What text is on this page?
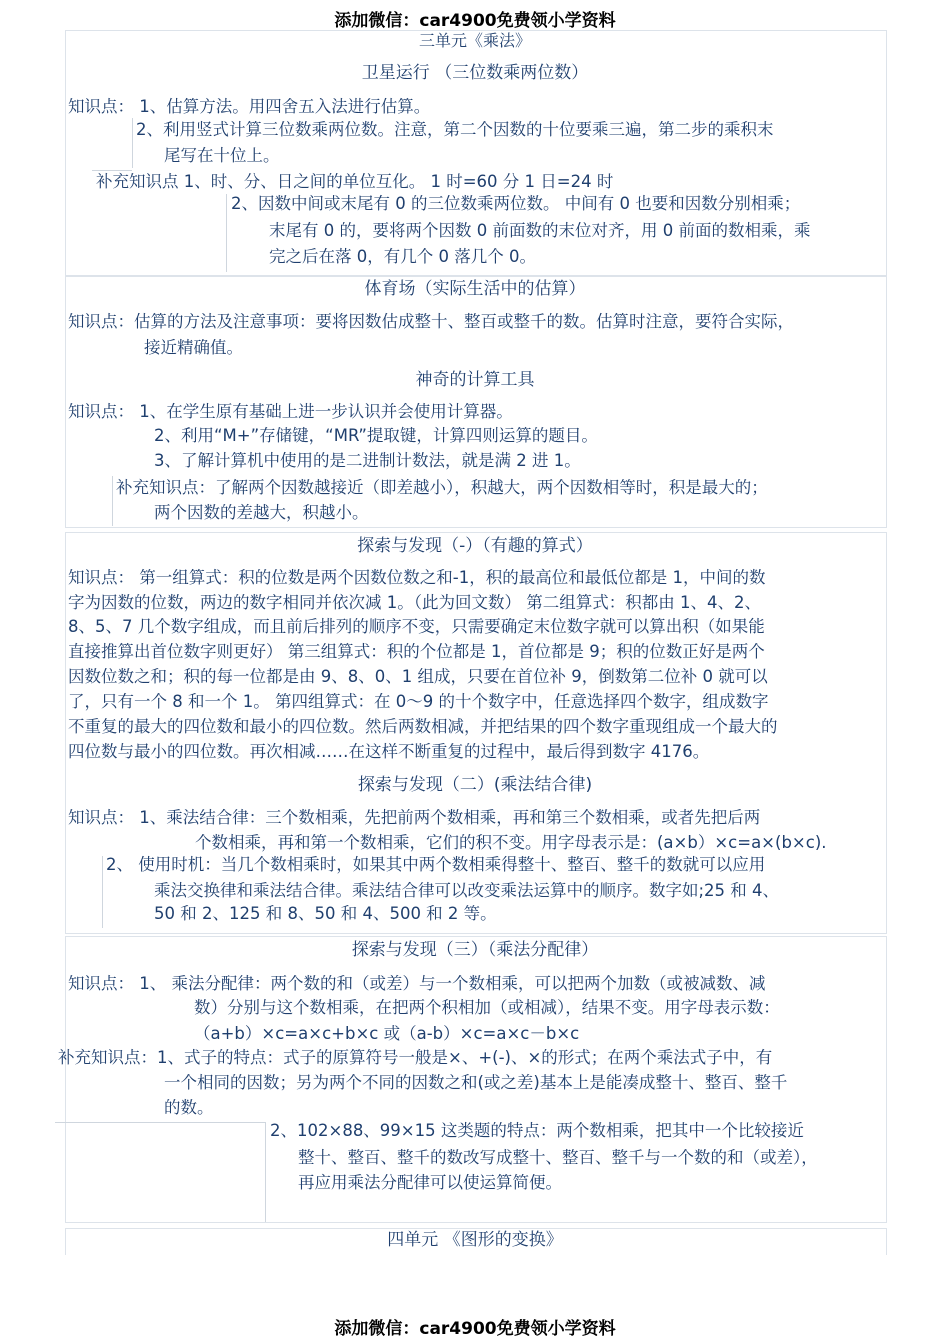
添加微信：car4900免费领小学资料
添加微信：car4900免费领小学资料
三单元《乘法》
卫星运行 （三位数乘两位数）
知识点： 1、估算方法。用四舍五入法进行估算。
2、利用竖式计算三位数乘两位数。注意，第二个因数的十位要乘三遍，第二步的乘积末
尾写在十位上。
补充知识点 1、时、分、日之间的单位互化。 1 时=60 分 1 日=24 时
2、因数中间或末尾有 0 的三位数乘两位数。 中间有 0 也要和因数分别相乘；
末尾有 0 的，要将两个因数 0 前面数的末位对齐，用 0 前面的数相乘，乘
完之后在落 0，有几个 0 落几个 0。
体育场（实际生活中的估算）
知识点：估算的方法及注意事项：要将因数估成整十、整百或整千的数。估算时注意，要符合实际，
接近精确值。
神奇的计算工具
知识点： 1、在学生原有基础上进一步认识并会使用计算器。
2、利用“M+”存储键，“MR”提取键，计算四则运算的题目。
3、了解计算机中使用的是二进制计数法，就是满 2 进 1。
补充知识点：了解两个因数越接近（即差越小），积越大，两个因数相等时，积是最大的；
两个因数的差越大，积越小。
探索与发现（-）（有趣的算式）
知识点： 第一组算式：积的位数是两个因数位数之和-1，积的最高位和最低位都是 1，中间的数
字为因数的位数，两边的数字相同并依次减 1。（此为回文数） 第二组算式：积都由 1、4、2、
8、5、7 几个数字组成，而且前后排列的顺序不变，只需要确定末位数字就可以算出积（如果能
直接推算出首位数字则更好） 第三组算式：积的个位都是 1，首位都是 9；积的位数正好是两个
因数位数之和；积的每一位都是由 9、8、0、1 组成，只要在首位补 9，倒数第二位补 0 就可以
了，只有一个 8 和一个 1。 第四组算式：在 0～9 的十个数字中，任意选择四个数字，组成数字
不重复的最大的四位数和最小的四位数。然后两数相减，并把结果的四个数字重现组成一个最大的
四位数与最小的四位数。再次相减……在这样不断重复的过程中，最后得到数字 4176。
探索与发现（二）(乘法结合律)
知识点： 1、乘法结合律：三个数相乘，先把前两个数相乘，再和第三个数相乘，或者先把后两
个数相乘，再和第一个数相乘，它们的积不变。用字母表示是：(a×b）×c=a×(b×c).
2、 使用时机：当几个数相乘时，如果其中两个数相乘得整十、整百、整千的数就可以应用
乘法交换律和乘法结合律。乘法结合律可以改变乘法运算中的顺序。数字如;25 和 4、
50 和 2、125 和 8、50 和 4、500 和 2 等。
探索与发现（三）（乘法分配律）
知识点： 1、 乘法分配律：两个数的和（或差）与一个数相乘，可以把两个加数（或被减数、减
数）分别与这个数相乘，在把两个积相加（或相减），结果不变。用字母表示数：
（a+b）×c=a×c+b×c 或（a-b）×c=a×c－b×c
补充知识点：1、式子的特点：式子的原算符号一般是×、+(-)、×的形式；在两个乘法式子中，有
一个相同的因数；另为两个不同的因数之和(或之差)基本上是能凑成整十、整百、整千
的数。
2、102×88、99×15 这类题的特点：两个数相乘，把其中一个比较接近
整十、整百、整千的数改写成整十、整百、整千与一个数的和（或差），
再应用乘法分配律可以使运算简便。
四单元 《图形的变换》
